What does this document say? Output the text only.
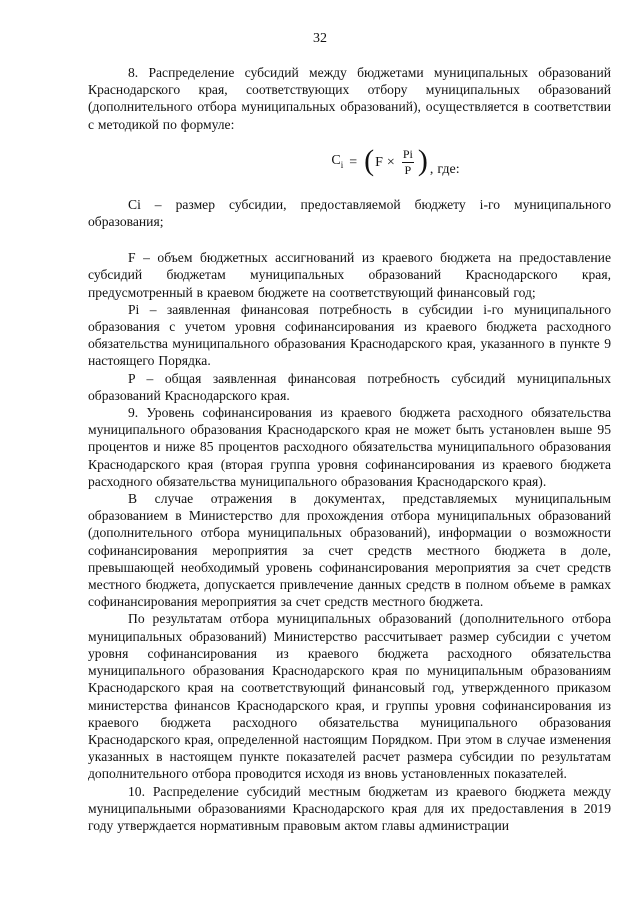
32

8. Распределение субсидий между бюджетами муниципальных образований Краснодарского края, соответствующих отбору муниципальных образований (дополнительного отбора муниципальных образований), осуществляется в соответствии с методикой по формуле:

$C_i$ = ( $F \times \frac{Pi}{P}$ ) , где:

Ci – размер субсидии, предоставляемой бюджету i-го муниципального образования;

F – объем бюджетных ассигнований из краевого бюджета на предоставление субсидий бюджетам муниципальных образований Краснодарского края, предусмотренный в краевом бюджете на соответствующий финансовый год;

Pi – заявленная финансовая потребность в субсидии i-го муниципального образования с учетом уровня софинансирования из краевого бюджета расходного обязательства муниципального образования Краснодарского края, указанного в пункте 9 настоящего Порядка.

P – общая заявленная финансовая потребность субсидий муниципальных образований Краснодарского края.

9. Уровень софинансирования из краевого бюджета расходного обязательства муниципального образования Краснодарского края не может быть установлен выше 95 процентов и ниже 85 процентов расходного обязательства муниципального образования Краснодарского края (вторая группа уровня софинансирования из краевого бюджета расходного обязательства муниципального образования Краснодарского края).

В случае отражения в документах, представляемых муниципальным образованием в Министерство для прохождения отбора муниципальных образований (дополнительного отбора муниципальных образований), информации о возможности софинансирования мероприятия за счет средств местного бюджета в доле, превышающей необходимый уровень софинансирования мероприятия за счет средств местного бюджета, допускается привлечение данных средств в полном объеме в рамках софинансирования мероприятия за счет средств местного бюджета.

По результатам отбора муниципальных образований (дополнительного отбора муниципальных образований) Министерство рассчитывает размер субсидии с учетом уровня софинансирования из краевого бюджета расходного обязательства муниципального образования Краснодарского края по муниципальным образованиям Краснодарского края на соответствующий финансовый год, утвержденного приказом министерства финансов Краснодарского края, и группы уровня софинансирования из краевого бюджета расходного обязательства муниципального образования Краснодарского края, определенной настоящим Порядком. При этом в случае изменения указанных в настоящем пункте показателей расчет размера субсидии по результатам дополнительного отбора проводится исходя из вновь установленных показателей.

10. Распределение субсидий местным бюджетам из краевого бюджета между муниципальными образованиями Краснодарского края для их предоставления в 2019 году утверждается нормативным правовым актом главы администрации
